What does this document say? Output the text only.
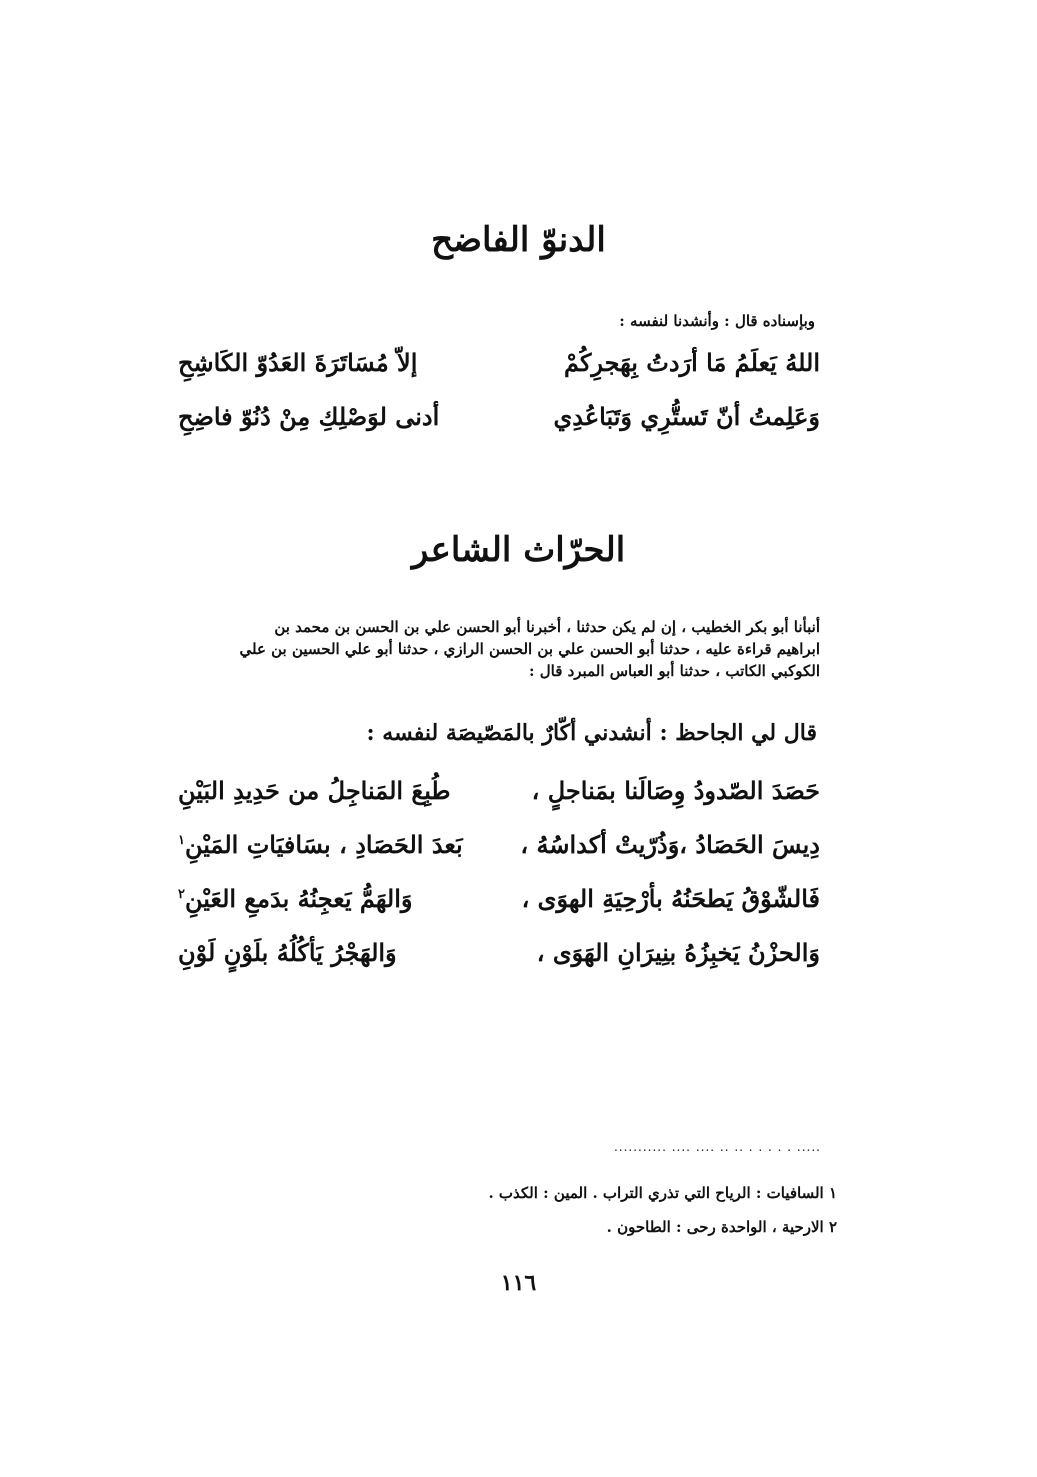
الدنوّ الفاضح
وبإسناده قال : وأنشدنا لنفسه :
اللهُ يَعلَمُ مَا أرَدتُ بِهَجرِكُمْ
إلاّ مُسَاتَرَةَ العَدُوّ الكَاشِحِ
وَعَلِمتُ أنّ تَستُّرِي وَتَبَاعُدِي
أدنى لوَصْلِكِ مِنْ دُنُوّ فاضِحِ
الحرّاث الشاعر
أنبأنا أبو بكر الخطيب ، إن لم يكن حدثنا ، أخبرنا أبو الحسن علي بن الحسن بن محمد بن
ابراهيم قراءة عليه ، حدثنا أبو الحسن علي بن الحسن الرازي ، حدثنا أبو علي الحسين بن علي
الكوكبي الكاتب ، حدثنا أبو العباس المبرد قال :
قال لي الجاحظ : أنشدني أكّارٌ بالمَصّيصَة لنفسه :
حَصَدَ الصّدودُ وِصَالَنا بمَناجلٍ ،
طُبِعَ المَناجِلُ من حَدِيدِ البَيْنِ
دِيسَ الحَصَادُ ،وَذُرّيتْ أكداسُهُ ،
بَعدَ الحَصَادِ ، بسَافيَاتِ المَيْنِ$^١$
فَالشّوْقُ يَطحَنُهُ بأرْحِيَةِ الهوَى ،
وَالهَمُّ يَعجِنُهُ بدَمعِ العَيْنِ$^٢$
وَالحزْنُ يَخبِزُهُ بنِيرَانِ الهَوَى ،
وَالهَجْرُ يَأكُلُهُ بلَوْنٍ لَوْنِ
........... .... .... .. .. . . . . . .....
١ السافيات : الرياح التي تذري التراب . المين : الكذب .
٢ الارحية ، الواحدة رحى : الطاحون .
١١٦
